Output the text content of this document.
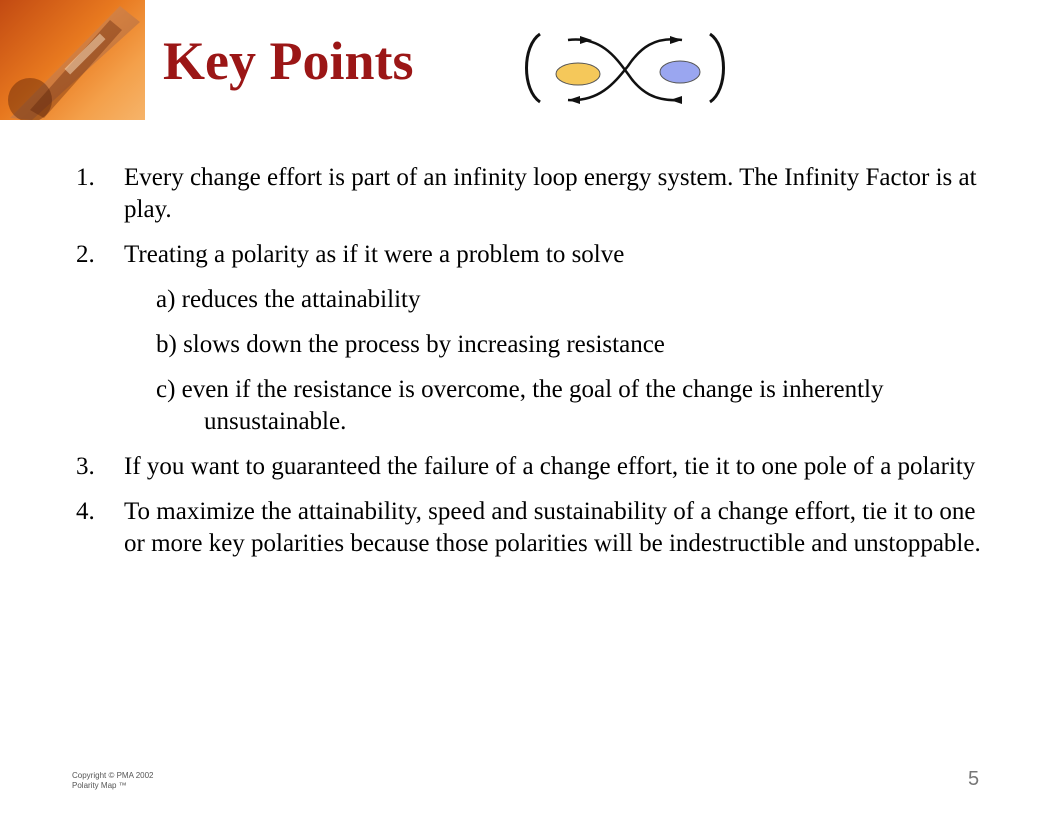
Key Points
1. Every change effort is part of an infinity loop energy system. The Infinity Factor is at play.
2. Treating a polarity as if it were a problem to solve
a) reduces the attainability
b) slows down the process by increasing resistance
c) even if the resistance is overcome, the goal of the change is inherently unsustainable.
3. If you want to guaranteed the failure of a change effort, tie it to one pole of a polarity
4. To maximize the attainability, speed and sustainability of a change effort, tie it to one or more key polarities because those polarities will be indestructible and unstoppable.
Copyright © PMA 2002
Polarity Map ™	5
